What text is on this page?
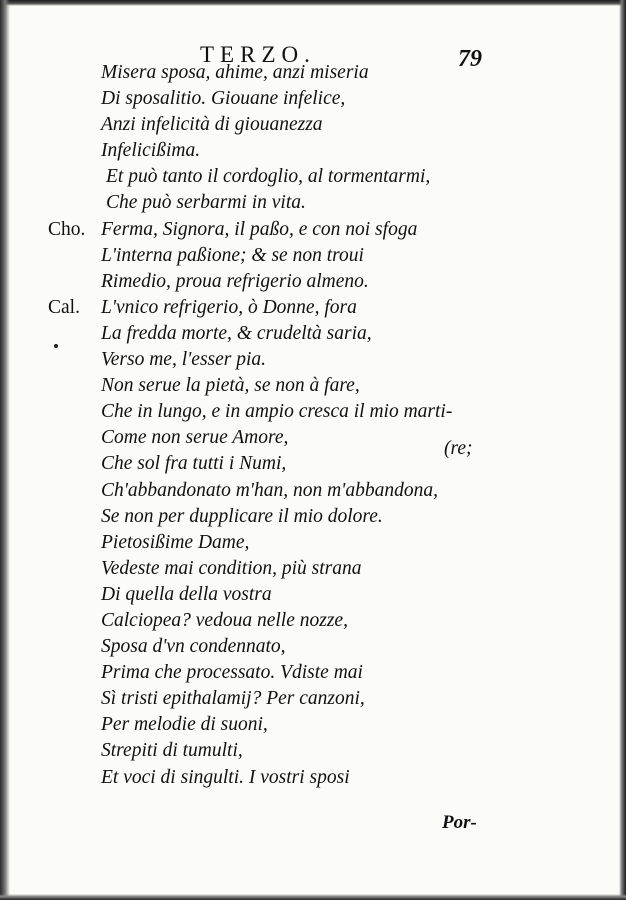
TERZO.	79
Misera sposa, ahime, anzi miseria
Di sposalitio. Giouane infelice,
Anzi infelicità di giouanezza
Infelicißima.
Et può tanto il cordoglio, al tormentarmi,
Che può serbarmi in vita.
Cho. Ferma, Signora, il paßo, e con noi sfoga
L'interna paßione; & se non troui
Rimedio, proua refrigerio almeno.
Cal. L'vnico refrigerio, ò Donne, fora
La fredda morte, & crudeltà saria,
Verso me, l'esser pia.
Non serue la pietà, se non à fare,
Che in lungo, e in ampio cresca il mio marti-
Come non serue Amore,
Che sol fra tutti i Numi,
Ch'abbandonato m'han, non m'abbandona,
Se non per dupplicare il mio dolore.
Pietosißime Dame,
Vedeste mai condition, più strana
Di quella della vostra
Calciopea? vedoua nelle nozze,
Sposa d'vn condennato,
Prima che processato. Vdiste mai
Sì tristi epithalamij? Per canzoni,
Per melodie di suoni,
Strepiti di tumulti,
Et voci di singulti. I vostri sposi
(re;
Por-
